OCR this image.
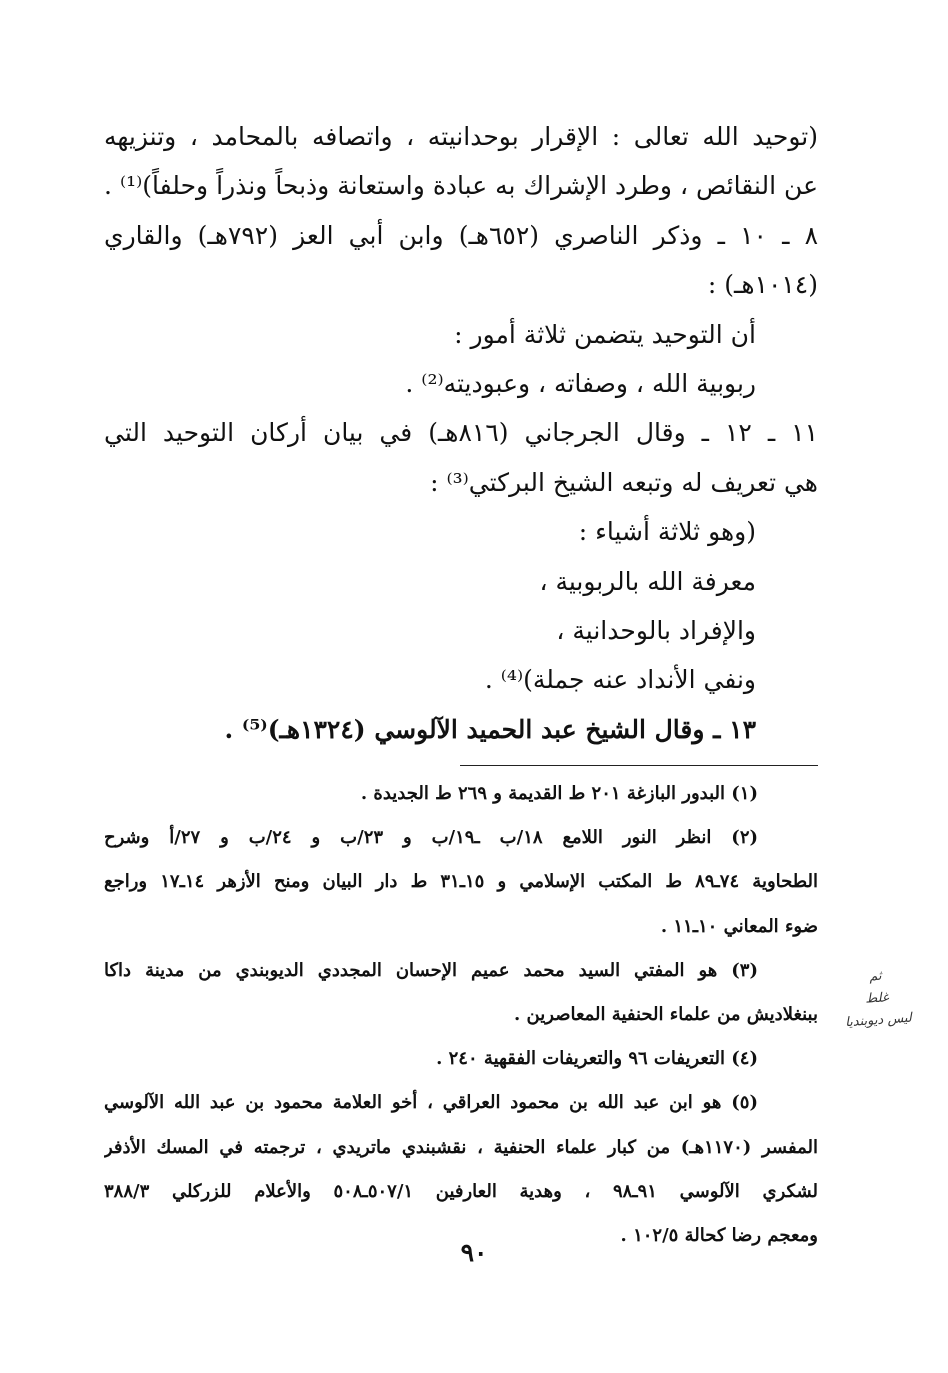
(توحيد الله تعالى : الإقرار بوحدانيته ، واتصافه بالمحامد ، وتنزيهه
عن النقائص ، وطرد الإشراك به عبادة واستعانة وذبحاً ونذراً وحلفاً)⁽¹⁾ .
٨ ـ ١٠ ـ وذكر الناصري (٦٥٢هـ) وابن أبي العز (٧٩٢هـ) والقاري
(١٠١٤هـ) :
أن التوحيد يتضمن ثلاثة أمور :
ربوبية الله ، وصفاته ، وعبوديته⁽²⁾ .
١١ ـ ١٢ ـ وقال الجرجاني (٨١٦هـ) في بيان أركان التوحيد التي
هي تعريف له وتبعه الشيخ البركتي⁽³⁾ :
(وهو ثلاثة أشياء :
معرفة الله بالربوبية ،
والإفراد بالوحدانية ،
ونفي الأنداد عنه جملة)⁽⁴⁾ .
١٣ ـ وقال الشيخ عبد الحميد الآلوسي (١٣٢٤هـ)⁽⁵⁾ .
(١) البدور البازغة ٢٠١ ط القديمة و ٢٦٩ ط الجديدة .
(٢) انظر النور اللامع ١٨/ب ـ١٩/ب و ٢٣/ب و ٢٤/ب و ٢٧/أ وشرح
الطحاوية ٧٤ـ٨٩ ط المكتب الإسلامي و ١٥ـ٣١ ط دار البيان ومنح الأزهر ١٤ـ١٧ وراجع
ضوء المعاني ١٠ـ١١ .
(٣) هو المفتي السيد محمد عميم الإحسان المجددي الديوبندي من مدينة داكا
ببنغلاديش من علماء الحنفية المعاصرين .
(٤) التعريفات ٩٦ والتعريفات الفقهية ٢٤٠ .
(٥) هو ابن عبد الله بن محمود العراقي ، أخو العلامة محمود بن عبد الله الآلوسي
المفسر (١١٧٠هـ) من كبار علماء الحنفية ، نقشبندي ماتريدي ، ترجمته في المسك الأذفر
لشكري الآلوسي ٩١ـ٩٨ ، وهدية العارفين ٥٠٧/١ـ٥٠٨ والأعلام للزركلي ٣٨٨/٣
ومعجم رضا كحالة ١٠٢/٥ .
ثم
غلط
ليس ديوبنديا
٩٠
